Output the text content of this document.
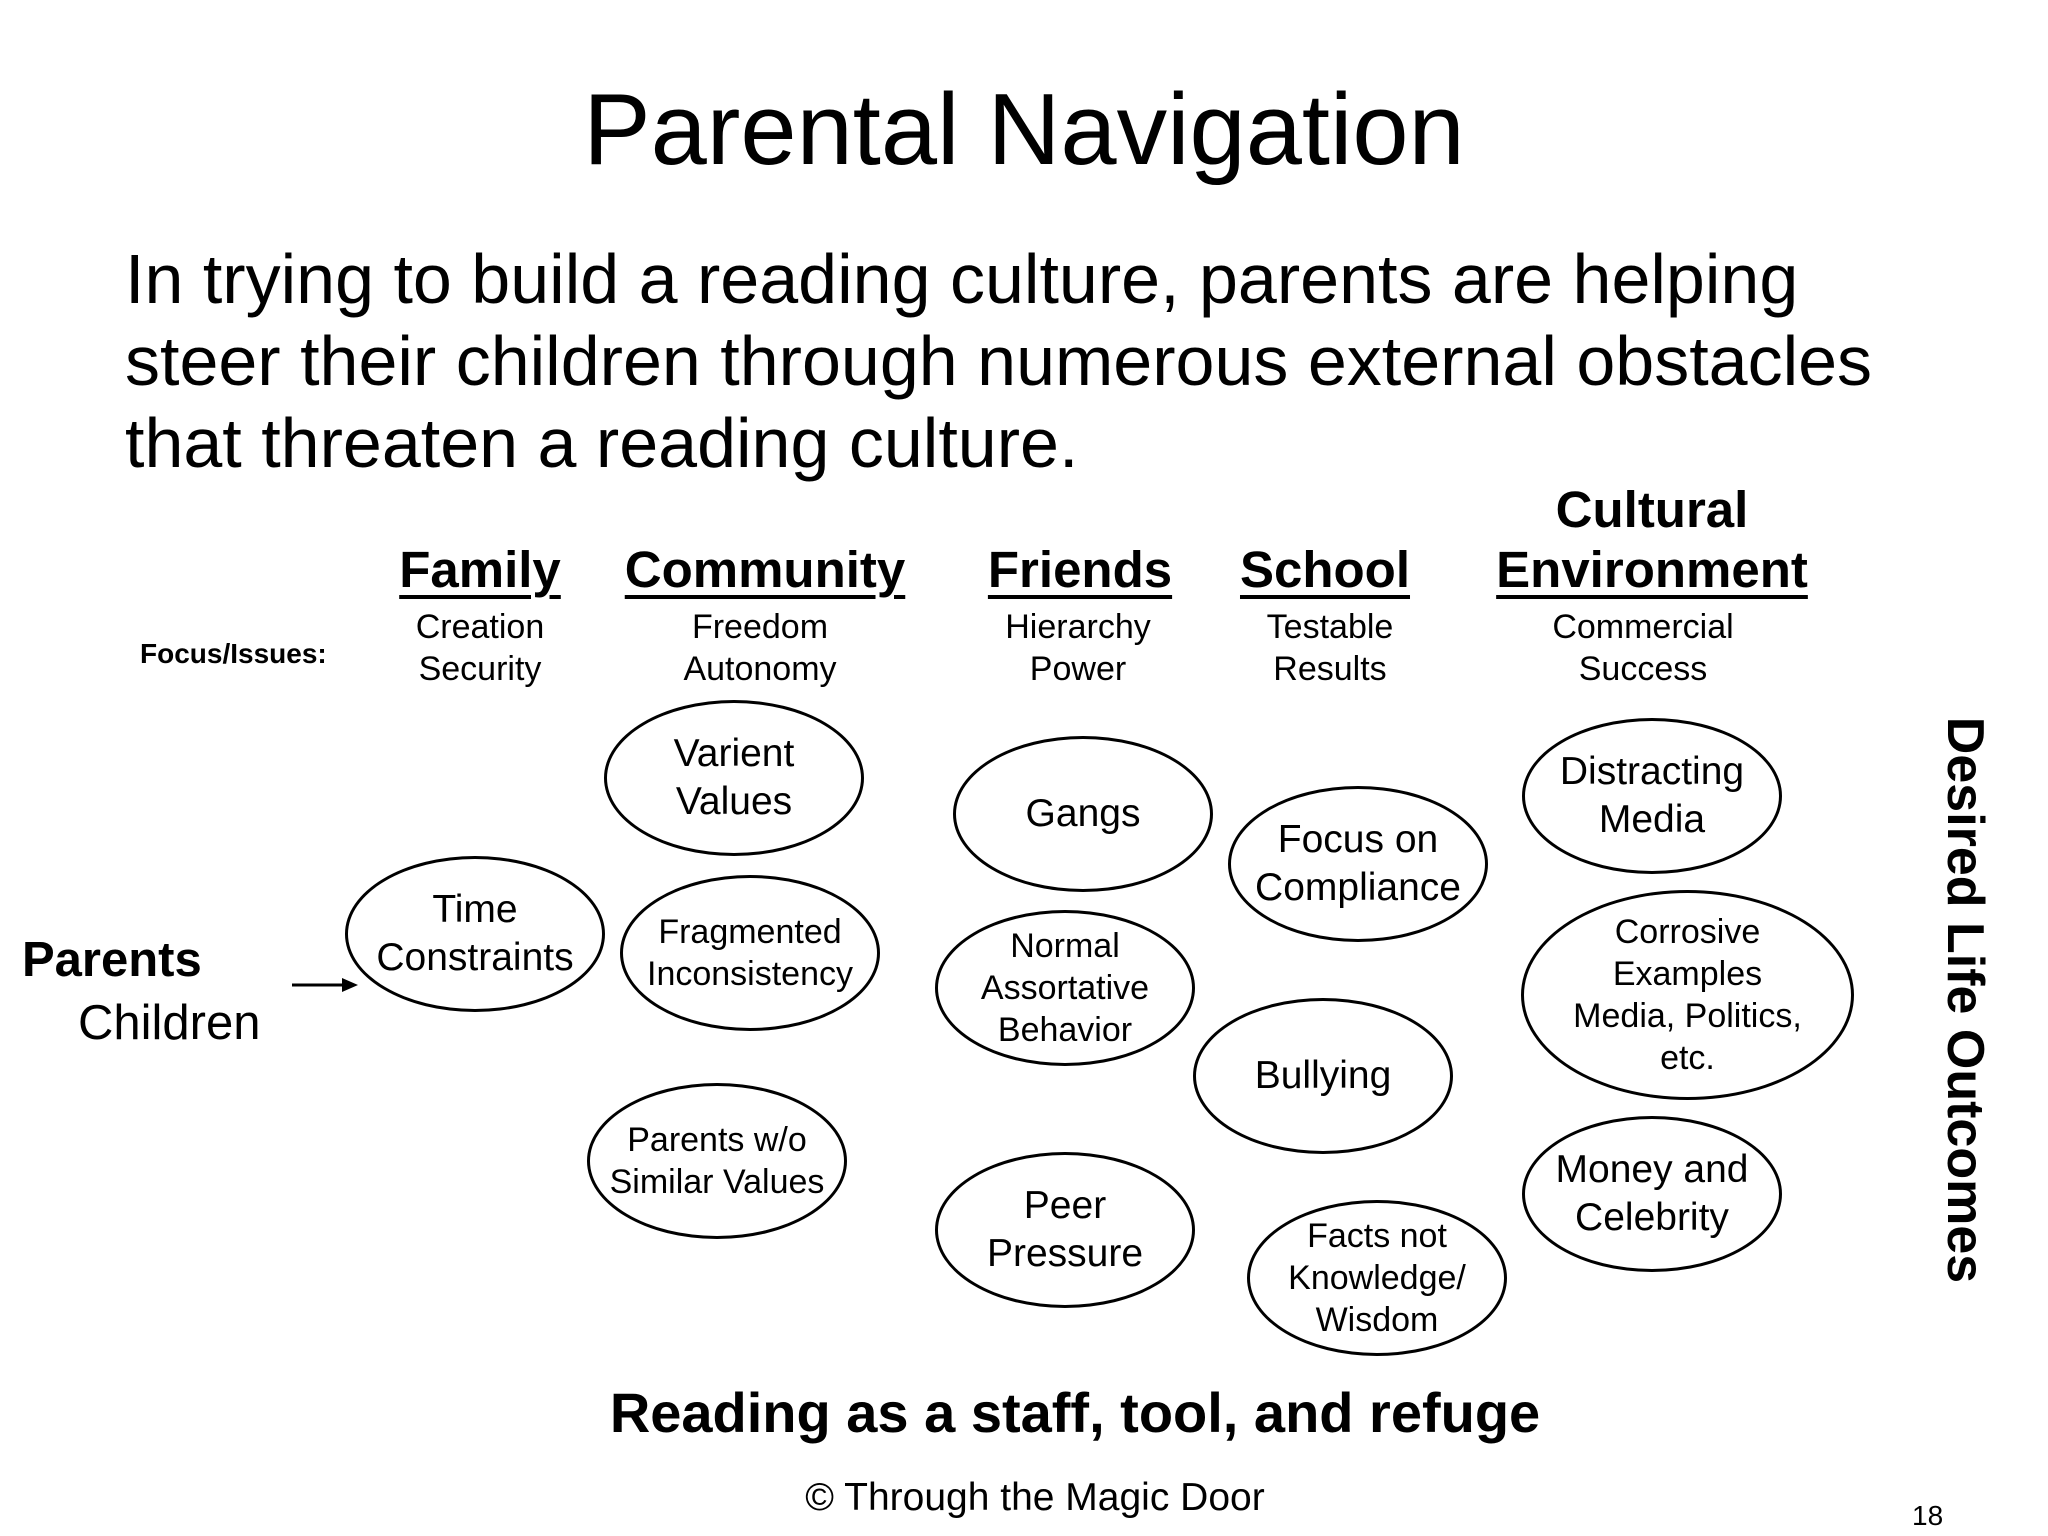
Parental Navigation
In trying to build a reading culture, parents are helping steer their children through numerous external obstacles that threaten a reading culture.
Family Community Friends School
Cultural
Environment
Focus/Issues:
Creation
Security
Freedom
Autonomy
Hierarchy
Power
Testable
Results
Commercial
Success
Parents
Children
Time
Constraints
Varient
Values
Fragmented
Inconsistency
Parents w/o
Similar Values
Gangs
Normal
Assortative
Behavior
Peer
Pressure
Focus on
Compliance
Bullying
Facts not
Knowledge/
Wisdom
Distracting
Media
Corrosive
Examples
Media, Politics,
etc.
Money and
Celebrity	Desired Life Outcomes
Reading as a staff, tool, and refuge
© Through the Magic Door	18
